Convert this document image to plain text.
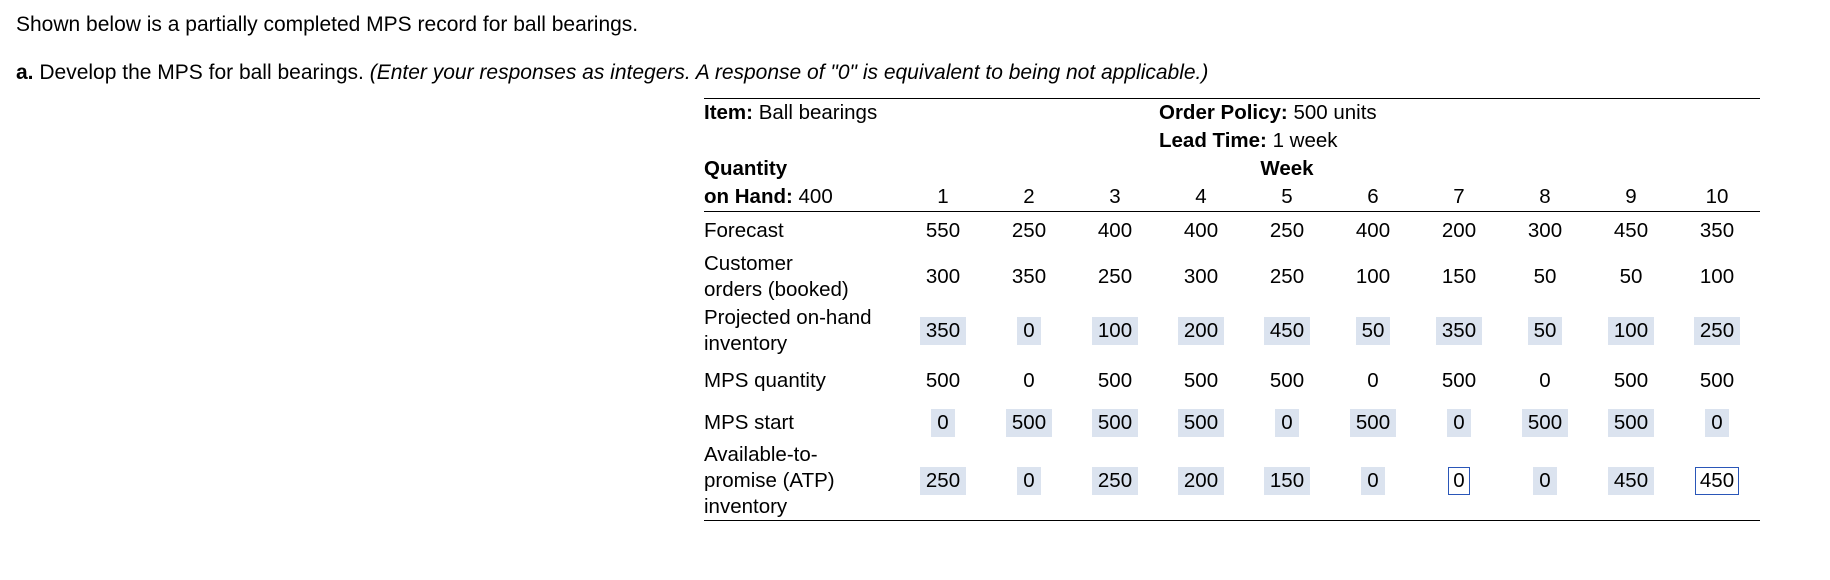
Shown below is a partially completed MPS record for ball bearings.

a. Develop the MPS for ball bearings. (Enter your responses as integers. A response of "0" is equivalent to being not applicable.)

Item: Ball bearings				Order Policy: 500 units						
				Lead Time: 1 week						
Quantity				Week						
on Hand: 400	1	2	3	4	5	6	7	8	9	10
Forecast	550	250	400	400	250	400	200	300	450	350
Customer
orders (booked)	300	350	250	300	250	100	150	50	50	100
Projected on-hand
inventory	350	0	100	200	450	50	350	50	100	250
MPS quantity	500	0	500	500	500	0	500	0	500	500
MPS start	0	500	500	500	0	500	0	500	500	0
Available-to-
promise (ATP)
inventory	250	0	250	200	150	0	0	0	450	450
